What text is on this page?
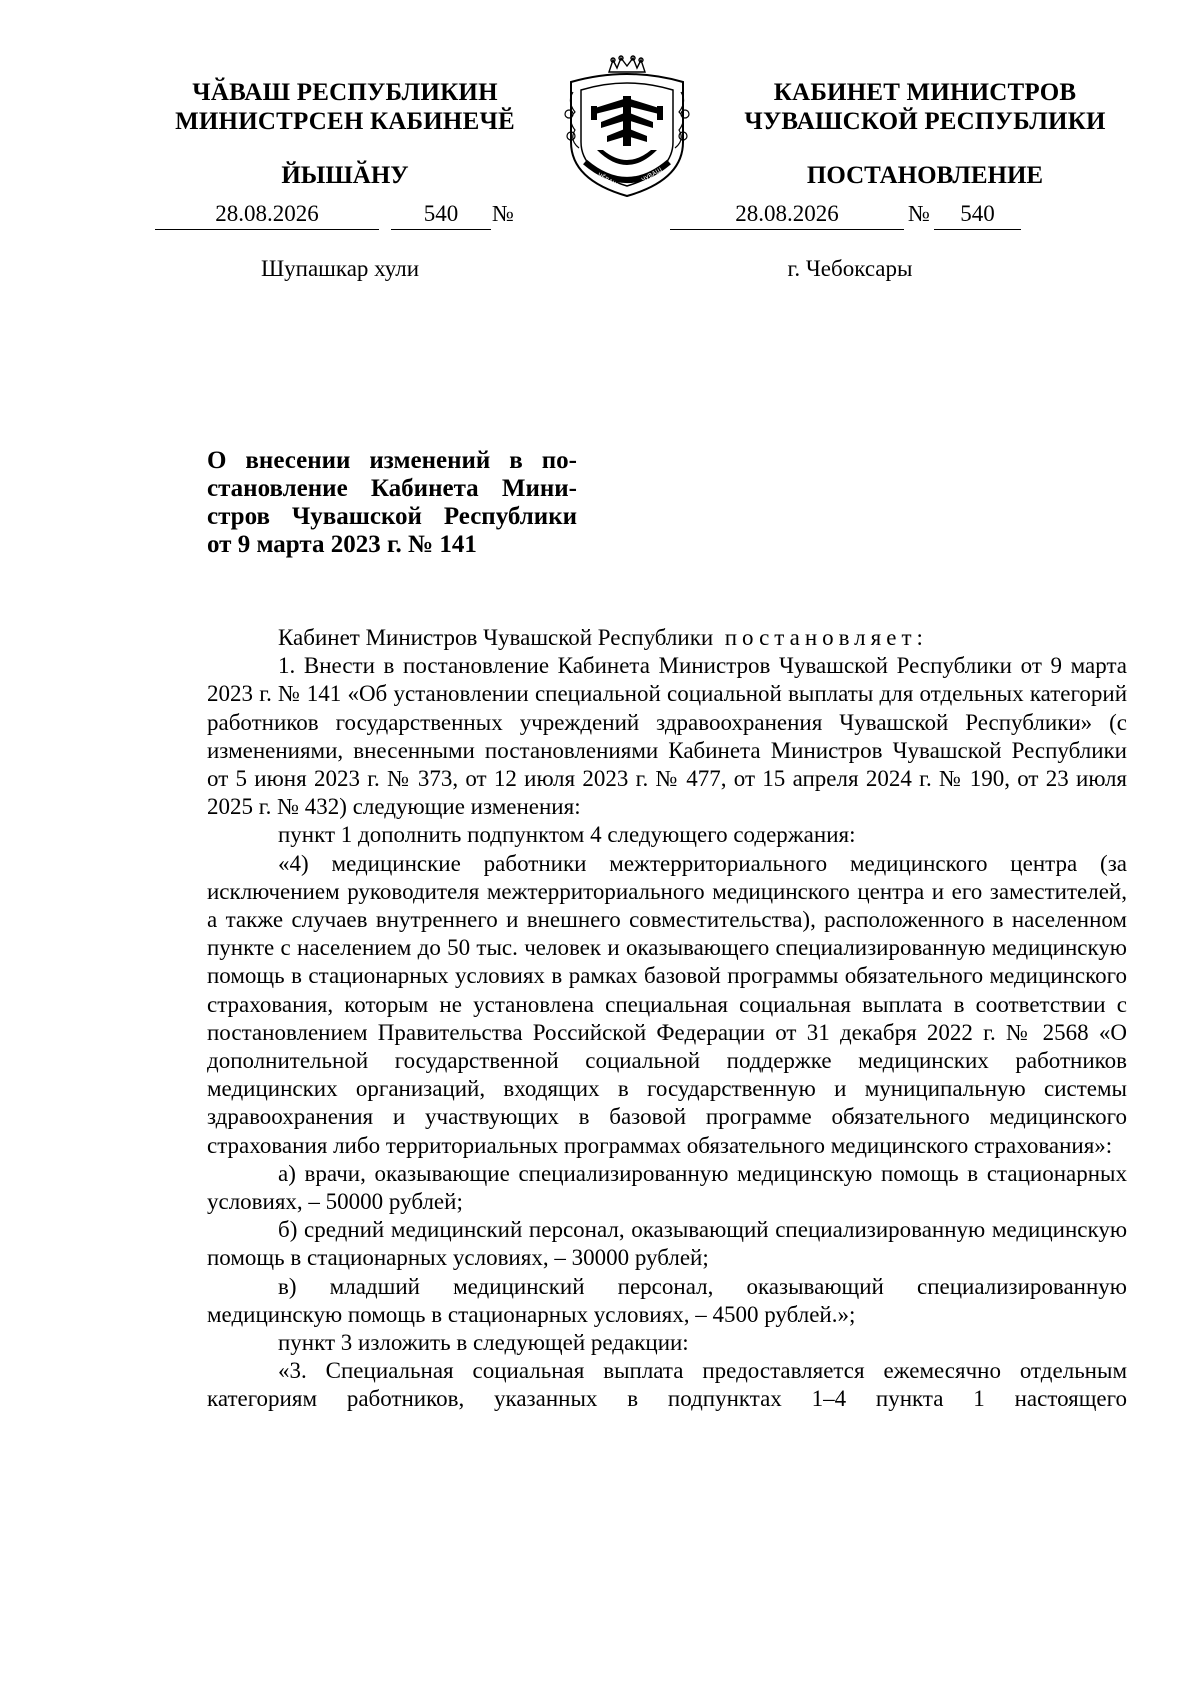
ЧӐВАШ РЕСПУБЛИКИН
МИНИСТРСЕН КАБИНЕЧӖ
ЙЫШӐНУ
КАБИНЕТ МИНИСТРОВ
ЧУВАШСКОЙ РЕСПУБЛИКИ
ПОСТАНОВЛЕНИЕ
ЧЁВАШ	ЧУВАШ
28.08.2026	540	№	28.08.2026	№	540
Шупашкар хули	г. Чебоксары
О внесении изменений в по-
становление Кабинета Мини-
стров Чувашской Республики
от 9 марта 2023 г. № 141

Кабинет Министров Чувашской Республики постановляет:

1. Внести в постановление Кабинета Министров Чувашской Республики от 9 марта 2023 г. № 141 «Об установлении специальной социальной выплаты для отдельных категорий работников государственных учреждений здравоохранения Чувашской Республики» (с изменениями, внесенными постановлениями Кабинета Министров Чувашской Республики от 5 июня 2023 г. № 373, от 12 июля 2023 г. № 477, от 15 апреля 2024 г. № 190, от 23 июля 2025 г. № 432) следующие изменения:

пункт 1 дополнить подпунктом 4 следующего содержания:

«4) медицинские работники межтерриториального медицинского центра (за исключением руководителя межтерриториального медицинского центра и его заместителей, а также случаев внутреннего и внешнего совместительства), расположенного в населенном пункте с населением до 50 тыс. человек и оказывающего специализированную медицинскую помощь в стационарных условиях в рамках базовой программы обязательного медицинского страхования, которым не установлена специальная социальная выплата в соответствии с постановлением Правительства Российской Федерации от 31 декабря 2022 г. № 2568 «О дополнительной государственной социальной поддержке медицинских работников медицинских организаций, входящих в государственную и муниципальную системы здравоохранения и участвующих в базовой программе обязательного медицинского страхования либо территориальных программах обязательного медицинского страхования»:

а) врачи, оказывающие специализированную медицинскую помощь в стационарных условиях, – 50000 рублей;

б) средний медицинский персонал, оказывающий специализированную медицинскую помощь в стационарных условиях, – 30000 рублей;

в) младший медицинский персонал, оказывающий специализированную медицинскую помощь в стационарных условиях, – 4500 рублей.»;

пункт 3 изложить в следующей редакции:

«3. Специальная социальная выплата предоставляется ежемесячно отдельным категориям работников, указанных в подпунктах 1–4 пункта 1 настоящего
